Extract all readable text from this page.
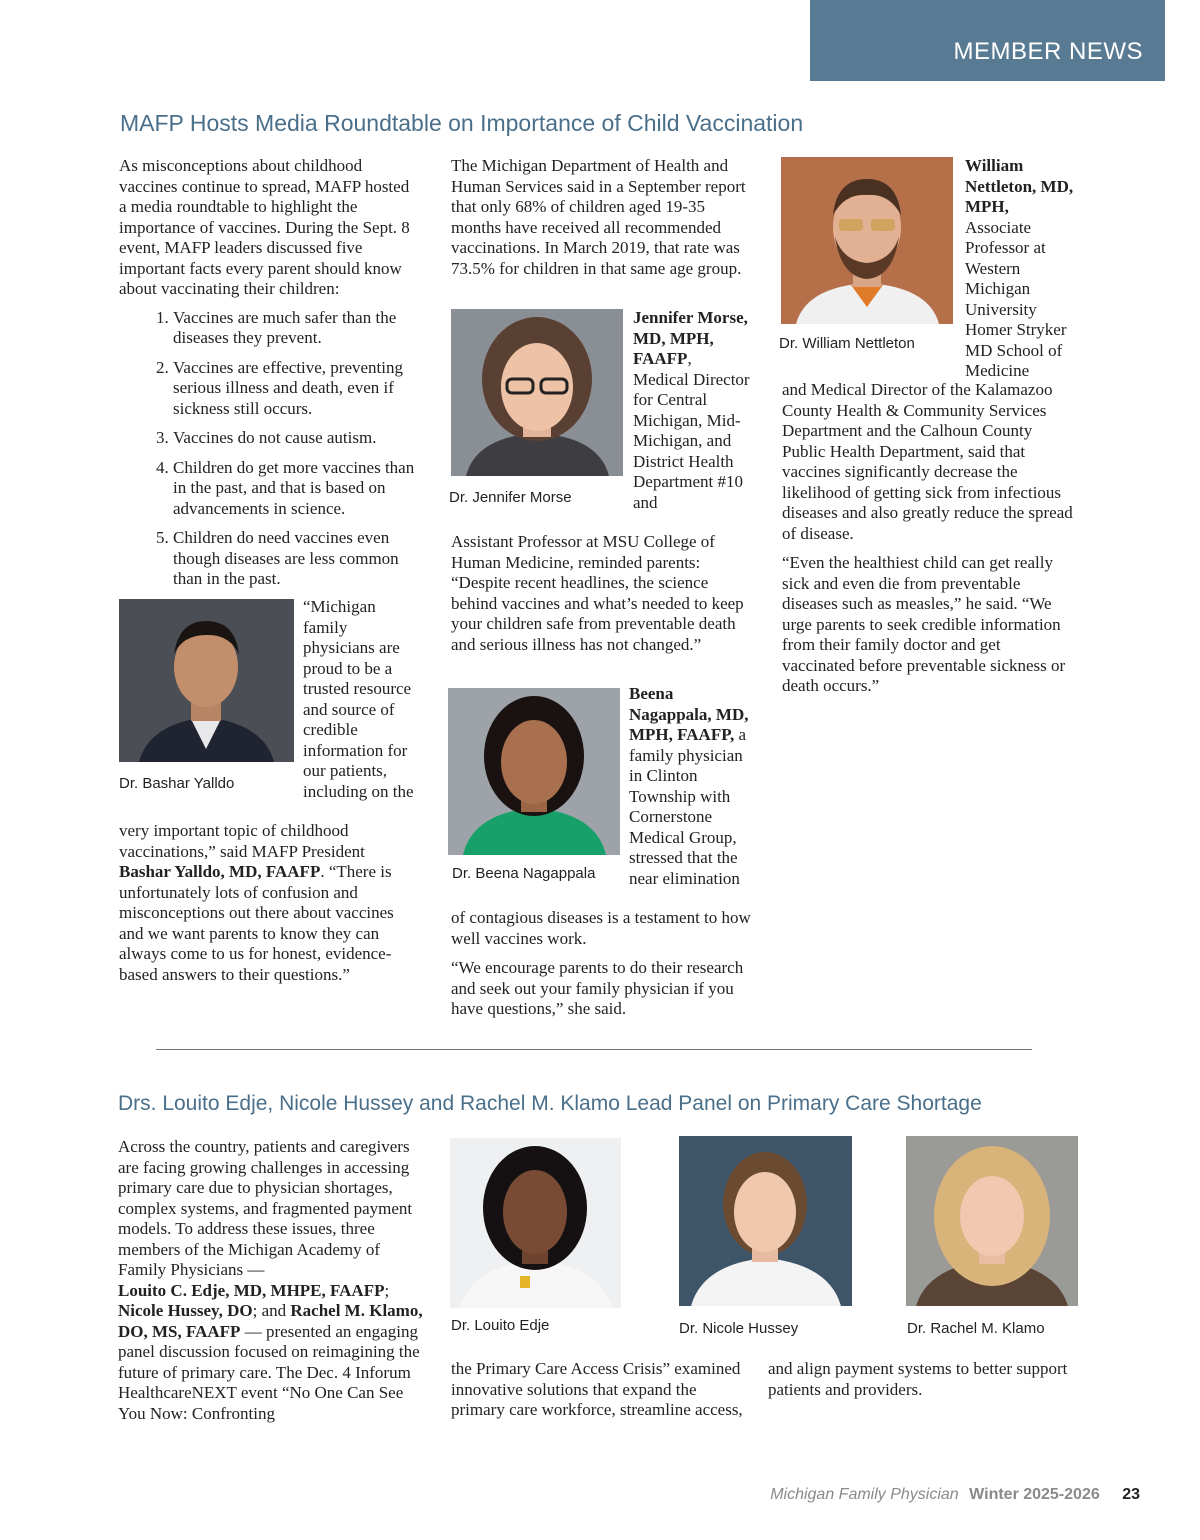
MEMBER NEWS
MAFP Hosts Media Roundtable on Importance of Child Vaccination

As misconceptions about childhood vaccines continue to spread, MAFP hosted a media roundtable to highlight the importance of vaccines. During the Sept. 8 event, MAFP leaders discussed five important facts every parent should know about vaccinating their children:

1. Vaccines are much safer than the diseases they prevent.
2. Vaccines are effective, preventing serious illness and death, even if sickness still occurs.
3. Vaccines do not cause autism.
4. Children do get more vaccines than in the past, and that is based on advancements in science.
5. Children do need vaccines even though diseases are less common than in the past.
Dr. Bashar Yalldo

“Michigan family physicians are proud to be a trusted resource and source of credible information for our patients, including on the

very important topic of childhood vaccinations,” said MAFP President Bashar Yalldo, MD, FAAFP. “There is unfortunately lots of confusion and misconceptions out there about vaccines and we want parents to know they can always come to us for honest, evidence-based answers to their questions.”

The Michigan Department of Health and Human Services said in a September report that only 68% of children aged 19-35 months have received all recommended vaccinations. In March 2019, that rate was 73.5% for children in that same age group.

Dr. Jennifer Morse

Jennifer Morse, MD, MPH, FAAFP, Medical Director for Central Michigan, Mid-Michigan, and District Health Department #10 and

Assistant Professor at MSU College of Human Medicine, reminded parents: “Despite recent headlines, the science behind vaccines and what’s needed to keep your children safe from preventable death and serious illness has not changed.”

Dr. Beena Nagappala

Beena Nagappala, MD, MPH, FAAFP, a family physician in Clinton Township with Cornerstone Medical Group, stressed that the near elimination

of contagious diseases is a testament to how well vaccines work.

“We encourage parents to do their research and seek out your family physician if you have questions,” she said.

Dr. William Nettleton

William Nettleton, MD, MPH, Associate Professor at Western Michigan University Homer Stryker MD School of Medicine

and Medical Director of the Kalamazoo County Health & Community Services Department and the Calhoun County Public Health Department, said that vaccines significantly decrease the likelihood of getting sick from infectious diseases and also greatly reduce the spread of disease.

“Even the healthiest child can get really sick and even die from preventable diseases such as measles,” he said. “We urge parents to seek credible information from their family doctor and get vaccinated before preventable sickness or death occurs.”

Drs. Louito Edje, Nicole Hussey and Rachel M. Klamo Lead Panel on Primary Care Shortage

Across the country, patients and caregivers are facing growing challenges in accessing primary care due to physician shortages, complex systems, and fragmented payment models. To address these issues, three members of the Michigan Academy of Family Physicians —
Louito C. Edje, MD, MHPE, FAAFP;
Nicole Hussey, DO; and Rachel M. Klamo, DO, MS, FAAFP — presented an engaging panel discussion focused on reimagining the future of primary care. The Dec. 4 Inforum HealthcareNEXT event “No One Can See You Now: Confronting

Dr. Louito Edje	Dr. Nicole Hussey	Dr. Rachel M. Klamo

the Primary Care Access Crisis” examined innovative solutions that expand the primary care workforce, streamline access,

and align payment systems to better support patients and providers.

Michigan Family Physician Winter 2025-2026 23
